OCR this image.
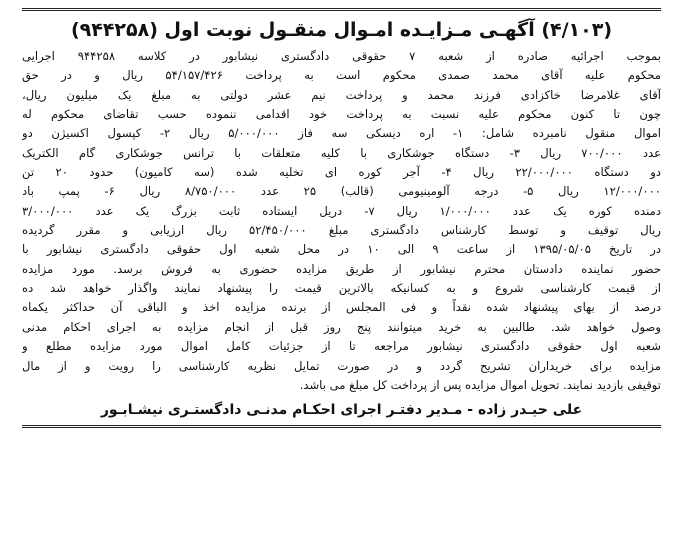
(۴/۱۰۳) آگهـی مـزایـده امـوال منقـول نوبت اول (۹۴۴۲۵۸)
بموجب اجرائیه صادره از شعبه ۷ حقوقی دادگستری نیشابور در کلاسه ۹۴۴۲۵۸ اجرایی
محکوم علیه آقای محمد صمدی محکوم است به پرداخت ۵۴/۱۵۷/۴۲۶ ریال و در حق
آقای غلامرضا خاکزادی فرزند محمد و پرداخت نیم عشر دولتی به مبلغ یک میلیون ریال،
چون تا کنون محکوم علیه نسبت به پرداخت خود اقدامی ننموده حسب تقاضای محکوم له
اموال منقول نامبرده شامل: ۱- اره دیسکی سه فاز ۵/۰۰۰/۰۰۰ ریال ۲- کپسول اکسیژن دو
عدد ۷۰۰/۰۰۰ ریال ۳- دستگاه جوشکاری با کلیه متعلقات با ترانس جوشکاری گام الکتریک
دو دستگاه ۲۲/۰۰۰/۰۰۰ ریال ۴- آجر کوره ای تخلیه شده (سه کامیون) حدود ۲۰ تن
۱۲/۰۰۰/۰۰۰ ریال ۵- درجه آلومینیومی (قالب) ۲۵ عدد ۸/۷۵۰/۰۰۰ ریال ۶- پمپ باد
دمنده کوره یک عدد ۱/۰۰۰/۰۰۰ ریال ۷- دریل ایستاده ثابت بزرگ یک عدد ۳/۰۰۰/۰۰۰
ریال توقیف و توسط کارشناس دادگستری مبلغ ۵۲/۴۵۰/۰۰۰ ریال ارزیابی و مقرر گردیده
در تاریخ ۱۳۹۵/۰۵/۰۵ از ساعت ۹ الی ۱۰ در محل شعبه اول حقوقی دادگستری نیشابور با
حضور نماینده دادستان محترم نیشابور از طریق مزایده حضوری به فروش برسد. مورد مزایده
از قیمت کارشناسی شروع و به کسانیکه بالاترین قیمت را پیشنهاد نمایند واگذار خواهد شد ده
درصد از بهای پیشنهاد شده نقداً و فی المجلس از برنده مزایده اخذ و الباقی آن حداکثر یکماه
وصول خواهد شد. طالبین به خرید میتوانند پنج روز قبل از انجام مزایده به اجرای احکام مدنی
شعبه اول حقوقی دادگستری نیشابور مراجعه تا از جزئیات کامل اموال مورد مزایده مطلع و
مزایده برای خریداران تشریح گردد و در صورت تمایل نظریه کارشناسی را رویت و از مال
توقیفی بازدید نمایند. تحویل اموال مزایده پس از پرداخت کل مبلغ می باشد.
علی حیـدر زاده - مـدیر دفتـر اجرای احکـام مدنـی دادگستـری نیشـابـور
